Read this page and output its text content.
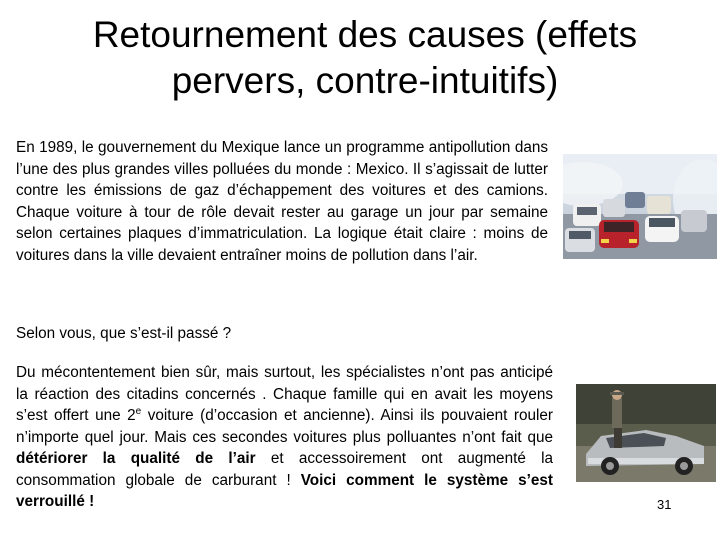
Retournement des causes (effets pervers, contre-intuitifs)

En 1989, le gouvernement du Mexique lance un programme antipollution dans l’une des plus grandes villes polluées du monde : Mexico. Il s’agissait de lutter contre les émissions de gaz d’échappement des voitures et des camions. Chaque voiture à tour de rôle devait rester au garage un jour par semaine selon certaines plaques d’immatriculation. La logique était claire : moins de voitures dans la ville devaient entraîner moins de pollution dans l’air.

Selon vous, que s’est-il passé ?

Du mécontentement bien sûr, mais surtout, les spécialistes n’ont pas anticipé la réaction des citadins concernés . Chaque famille qui en avait les moyens s’est offert une 2e voiture (d’occasion et ancienne). Ainsi ils pouvaient rouler n’importe quel jour. Mais ces secondes voitures plus polluantes n’ont fait que détériorer la qualité de l’air et accessoirement ont augmenté la consommation globale de carburant ! Voici comment le système s’est verrouillé !	31
